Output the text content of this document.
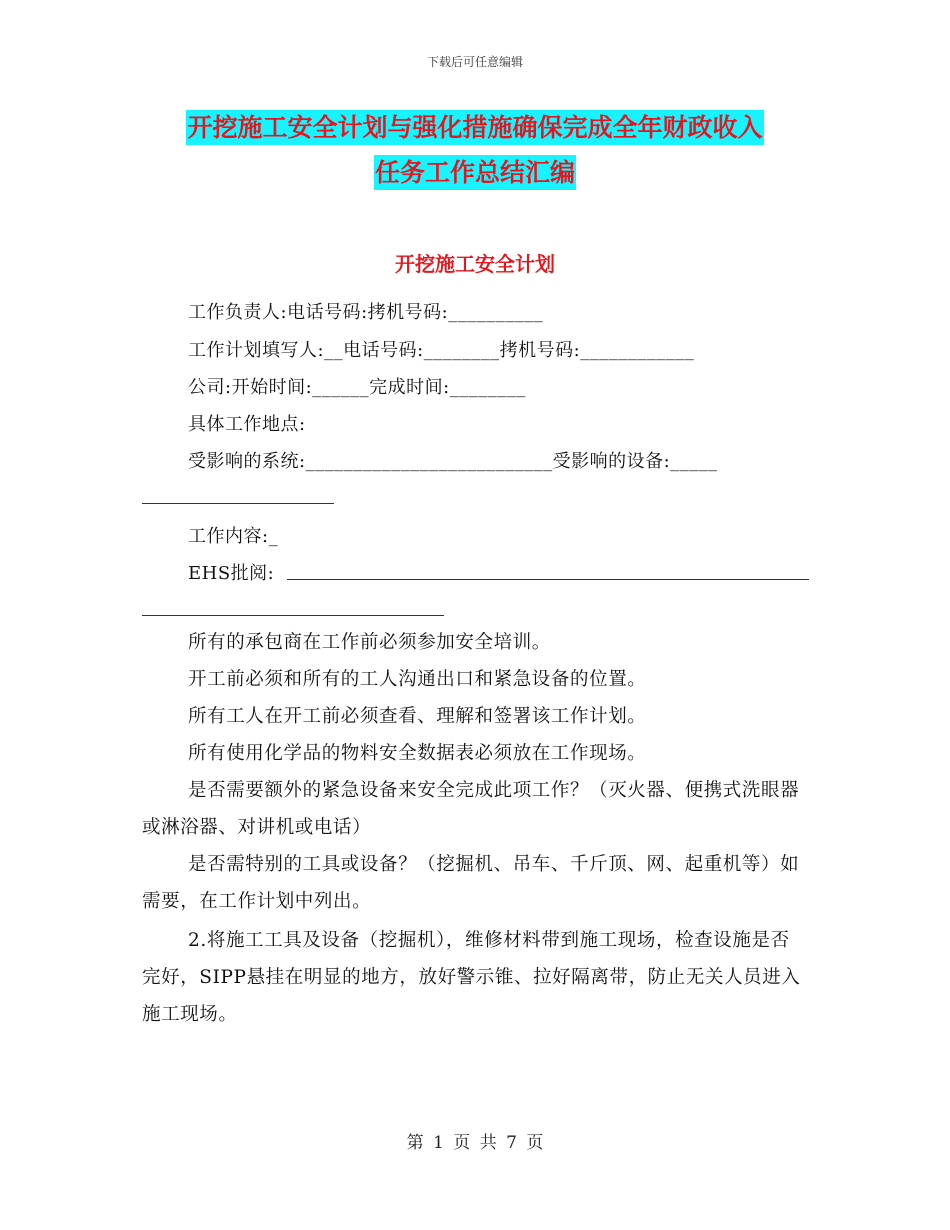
下载后可任意编辑
开挖施工安全计划与强化措施确保完成全年财政收入
任务工作总结汇编
开挖施工安全计划
工作负责人:电话号码:拷机号码:__________
工作计划填写人:__电话号码:________拷机号码:____________
公司:开始时间:______完成时间:________
具体工作地点:
受影响的系统:__________________________受影响的设备:_____
工作内容:_
EHS批阅:
所有的承包商在工作前必须参加安全培训。
开工前必须和所有的工人沟通出口和紧急设备的位置。
所有工人在开工前必须查看、理解和签署该工作计划。
所有使用化学品的物料安全数据表必须放在工作现场。
是否需要额外的紧急设备来安全完成此项工作？（灭火器、便携式洗眼器或淋浴器、对讲机或电话）
是否需特别的工具或设备？（挖掘机、吊车、千斤顶、网、起重机等）如需要，在工作计划中列出。
2.将施工工具及设备（挖掘机），维修材料带到施工现场，检查设施是否完好，SIPP悬挂在明显的地方，放好警示锥、拉好隔离带，防止无关人员进入施工现场。
第 1 页 共 7 页
